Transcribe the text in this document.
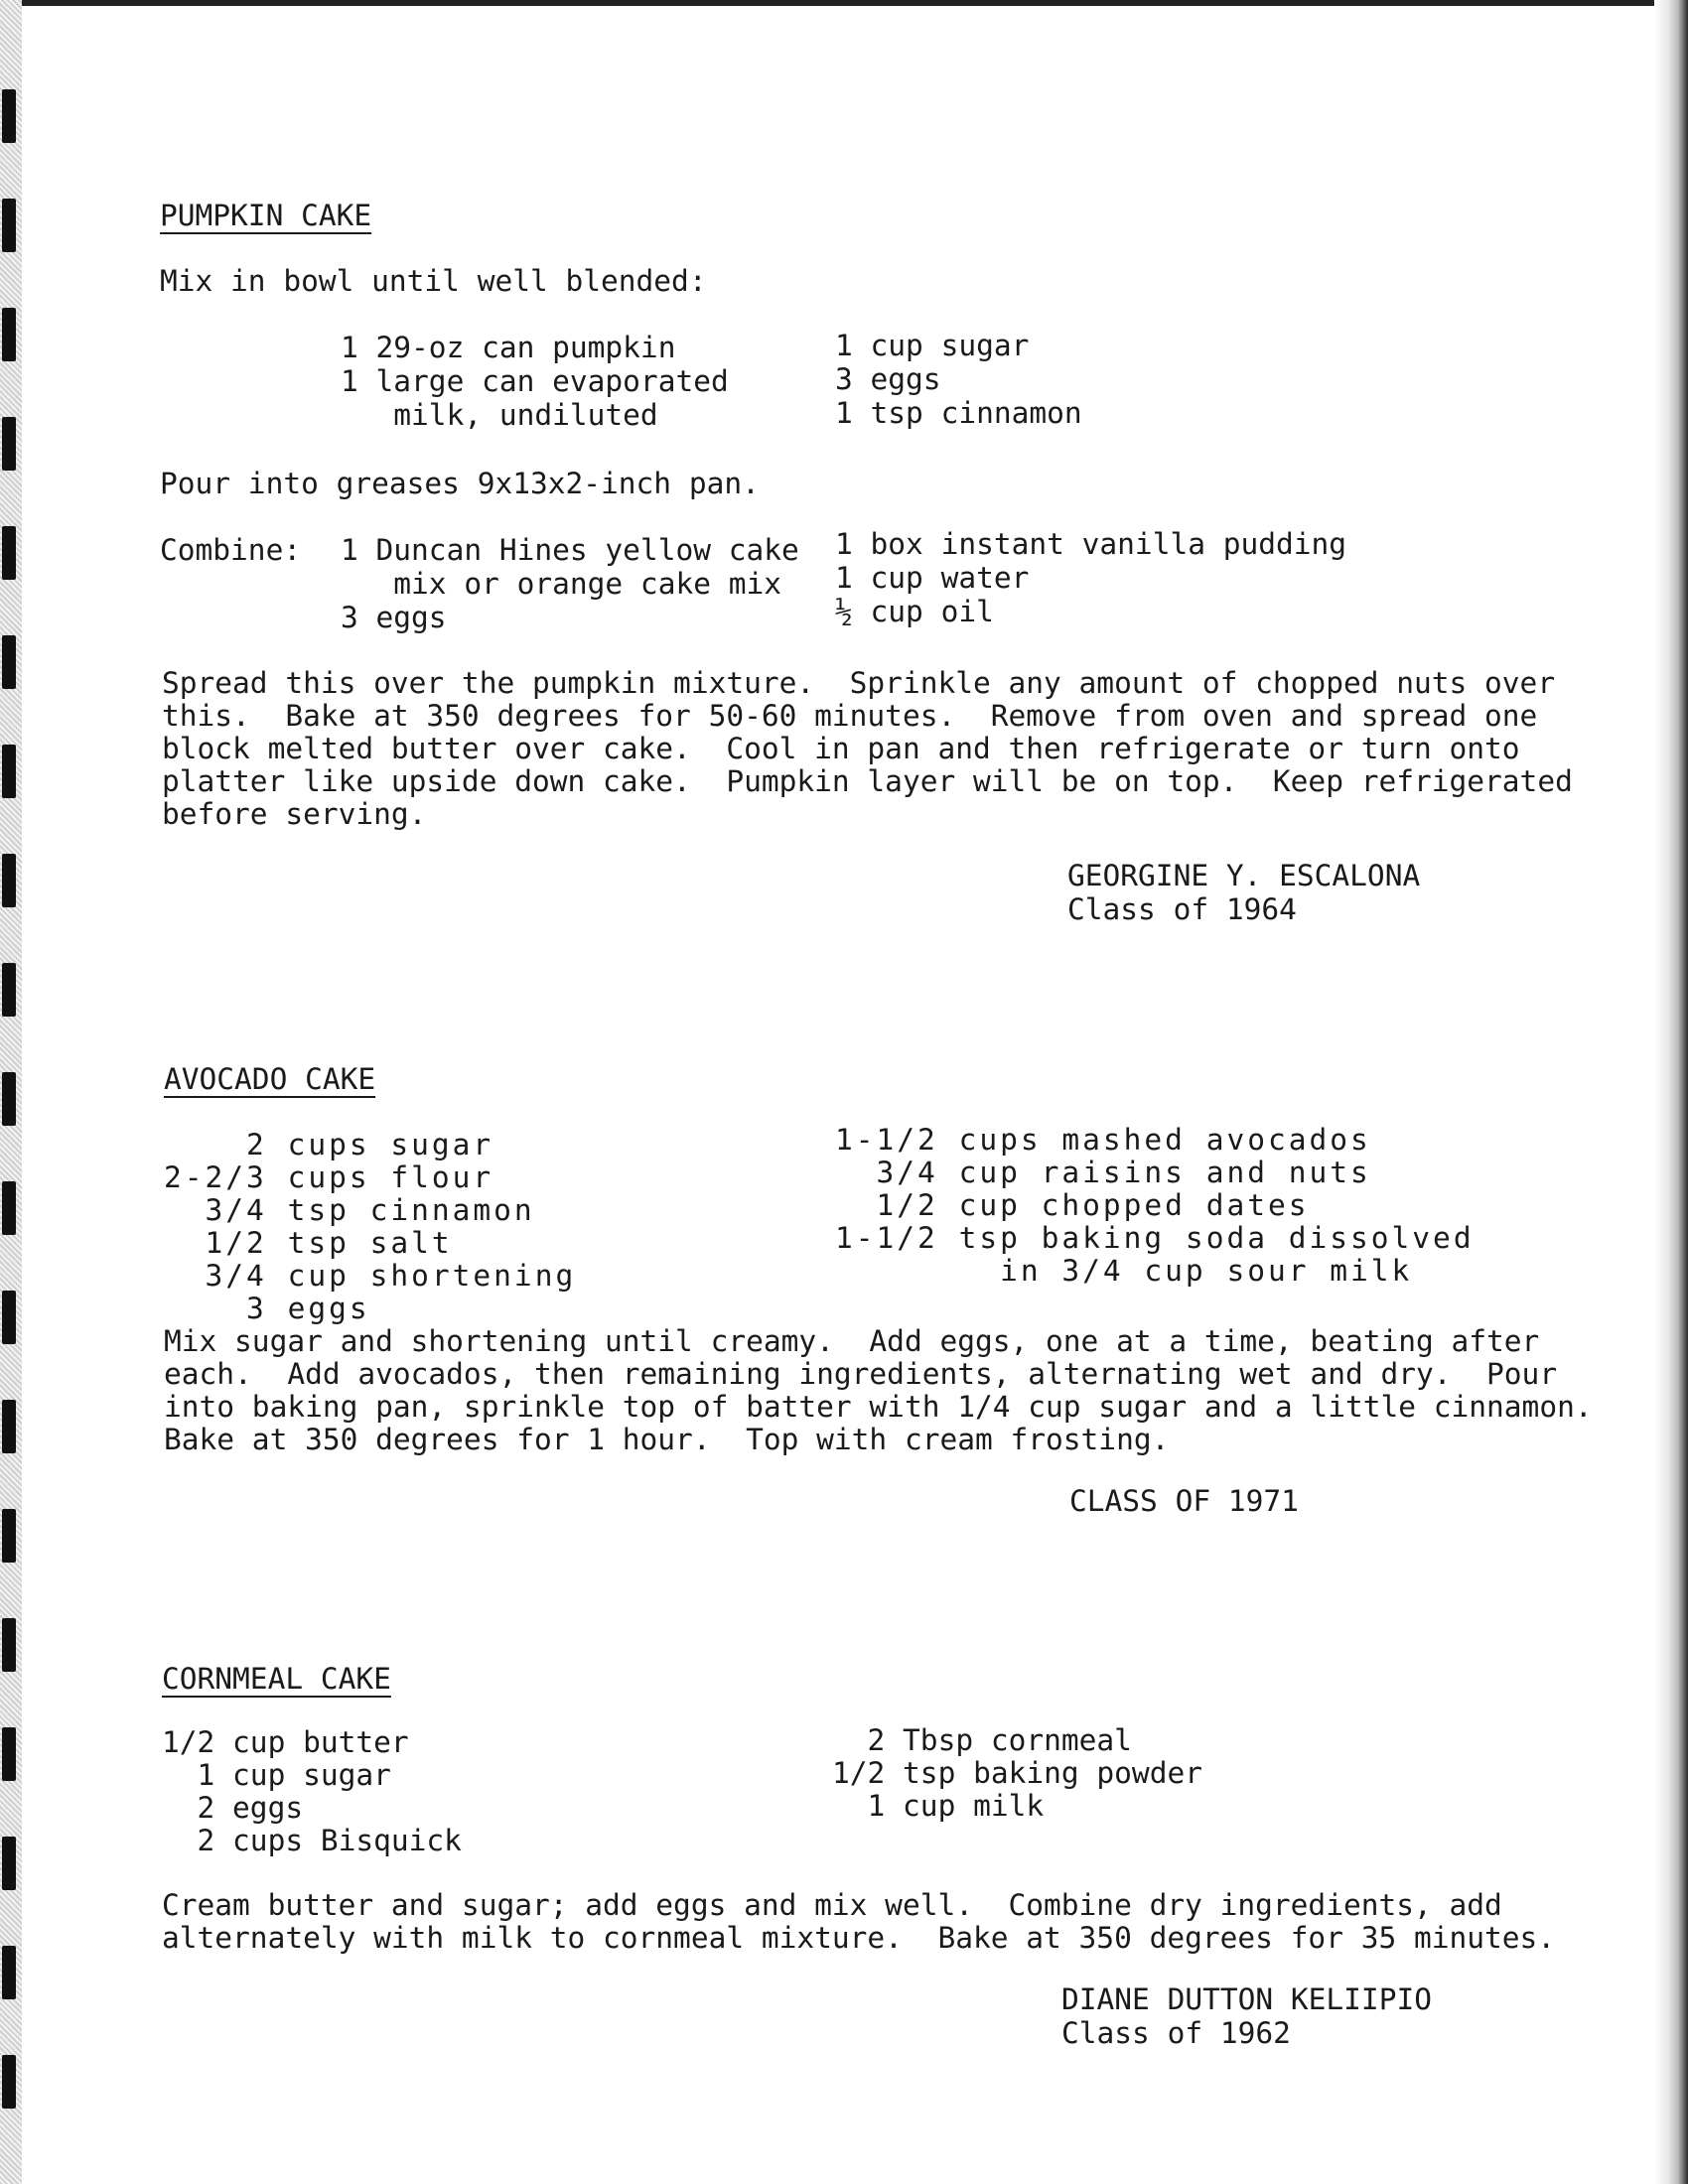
PUMPKIN CAKE
Mix in bowl until well blended:
1 29-oz can pumpkin
1 large can evaporated
milk, undiluted
1 cup sugar
3 eggs
1 tsp cinnamon
Pour into greases 9x13x2-inch pan.
Combine: 1 Duncan Hines yellow cake
mix or orange cake mix
3 eggs
1 box instant vanilla pudding
1 cup water
½ cup oil
Spread this over the pumpkin mixture.  Sprinkle any amount of chopped nuts over
this.  Bake at 350 degrees for 50-60 minutes.  Remove from oven and spread one
block melted butter over cake.  Cool in pan and then refrigerate or turn onto
platter like upside down cake.  Pumpkin layer will be on top.  Keep refrigerated
before serving.
GEORGINE Y. ESCALONA
Class of 1964
AVOCADO CAKE
2 cups sugar
2-2/3 cups flour
3/4 tsp cinnamon
1/2 tsp salt
3/4 cup shortening
3 eggs
1-1/2 cups mashed avocados
3/4 cup raisins and nuts
1/2 cup chopped dates
1-1/2 tsp baking soda dissolved
in 3/4 cup sour milk
Mix sugar and shortening until creamy.  Add eggs, one at a time, beating after
each.  Add avocados, then remaining ingredients, alternating wet and dry.  Pour
into baking pan, sprinkle top of batter with 1/4 cup sugar and a little cinnamon.
Bake at 350 degrees for 1 hour.  Top with cream frosting.
CLASS OF 1971
CORNMEAL CAKE
1/2 cup butter
1 cup sugar
2 eggs
2 cups Bisquick
2 Tbsp cornmeal
1/2 tsp baking powder
1 cup milk
Cream butter and sugar; add eggs and mix well.  Combine dry ingredients, add
alternately with milk to cornmeal mixture.  Bake at 350 degrees for 35 minutes.
DIANE DUTTON KELIIPIO
Class of 1962
